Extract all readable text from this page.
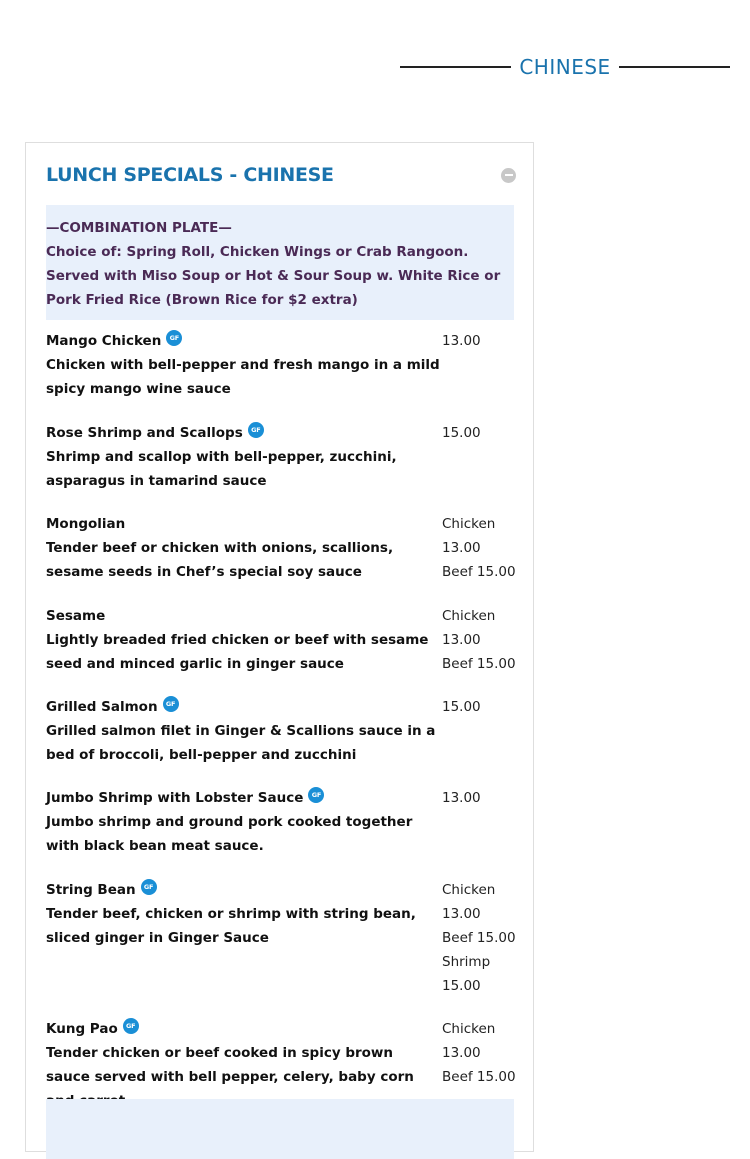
CHINESE
LUNCH SPECIALS - CHINESE
—COMBINATION PLATE—
Choice of: Spring Roll, Chicken Wings or Crab Rangoon. Served with Miso Soup or Hot & Sour Soup w. White Rice or Pork Fried Rice (Brown Rice for $2 extra)
Mango Chicken	GF
Chicken with bell-pepper and fresh mango in a mild spicy mango wine sauce
13.00
Rose Shrimp and Scallops	GF
Shrimp and scallop with bell-pepper, zucchini, asparagus in tamarind sauce
15.00
Mongolian
Tender beef or chicken with onions, scallions, sesame seeds in Chef’s special soy sauce
Chicken
13.00
Beef 15.00
Sesame
Lightly breaded fried chicken or beef with sesame seed and minced garlic in ginger sauce
Chicken
13.00
Beef 15.00
Grilled Salmon	GF
Grilled salmon filet in Ginger & Scallions sauce in a bed of broccoli, bell-pepper and zucchini
15.00
Jumbo Shrimp with Lobster Sauce	GF
Jumbo shrimp and ground pork cooked together with black bean meat sauce.
13.00
String Bean	GF
Tender beef, chicken or shrimp with string bean, sliced ginger in Ginger Sauce
Chicken
13.00
Beef 15.00
Shrimp
15.00
Kung Pao	GF
Tender chicken or beef cooked in spicy brown sauce served with bell pepper, celery, baby corn
Chicken
13.00
Beef 15.00
